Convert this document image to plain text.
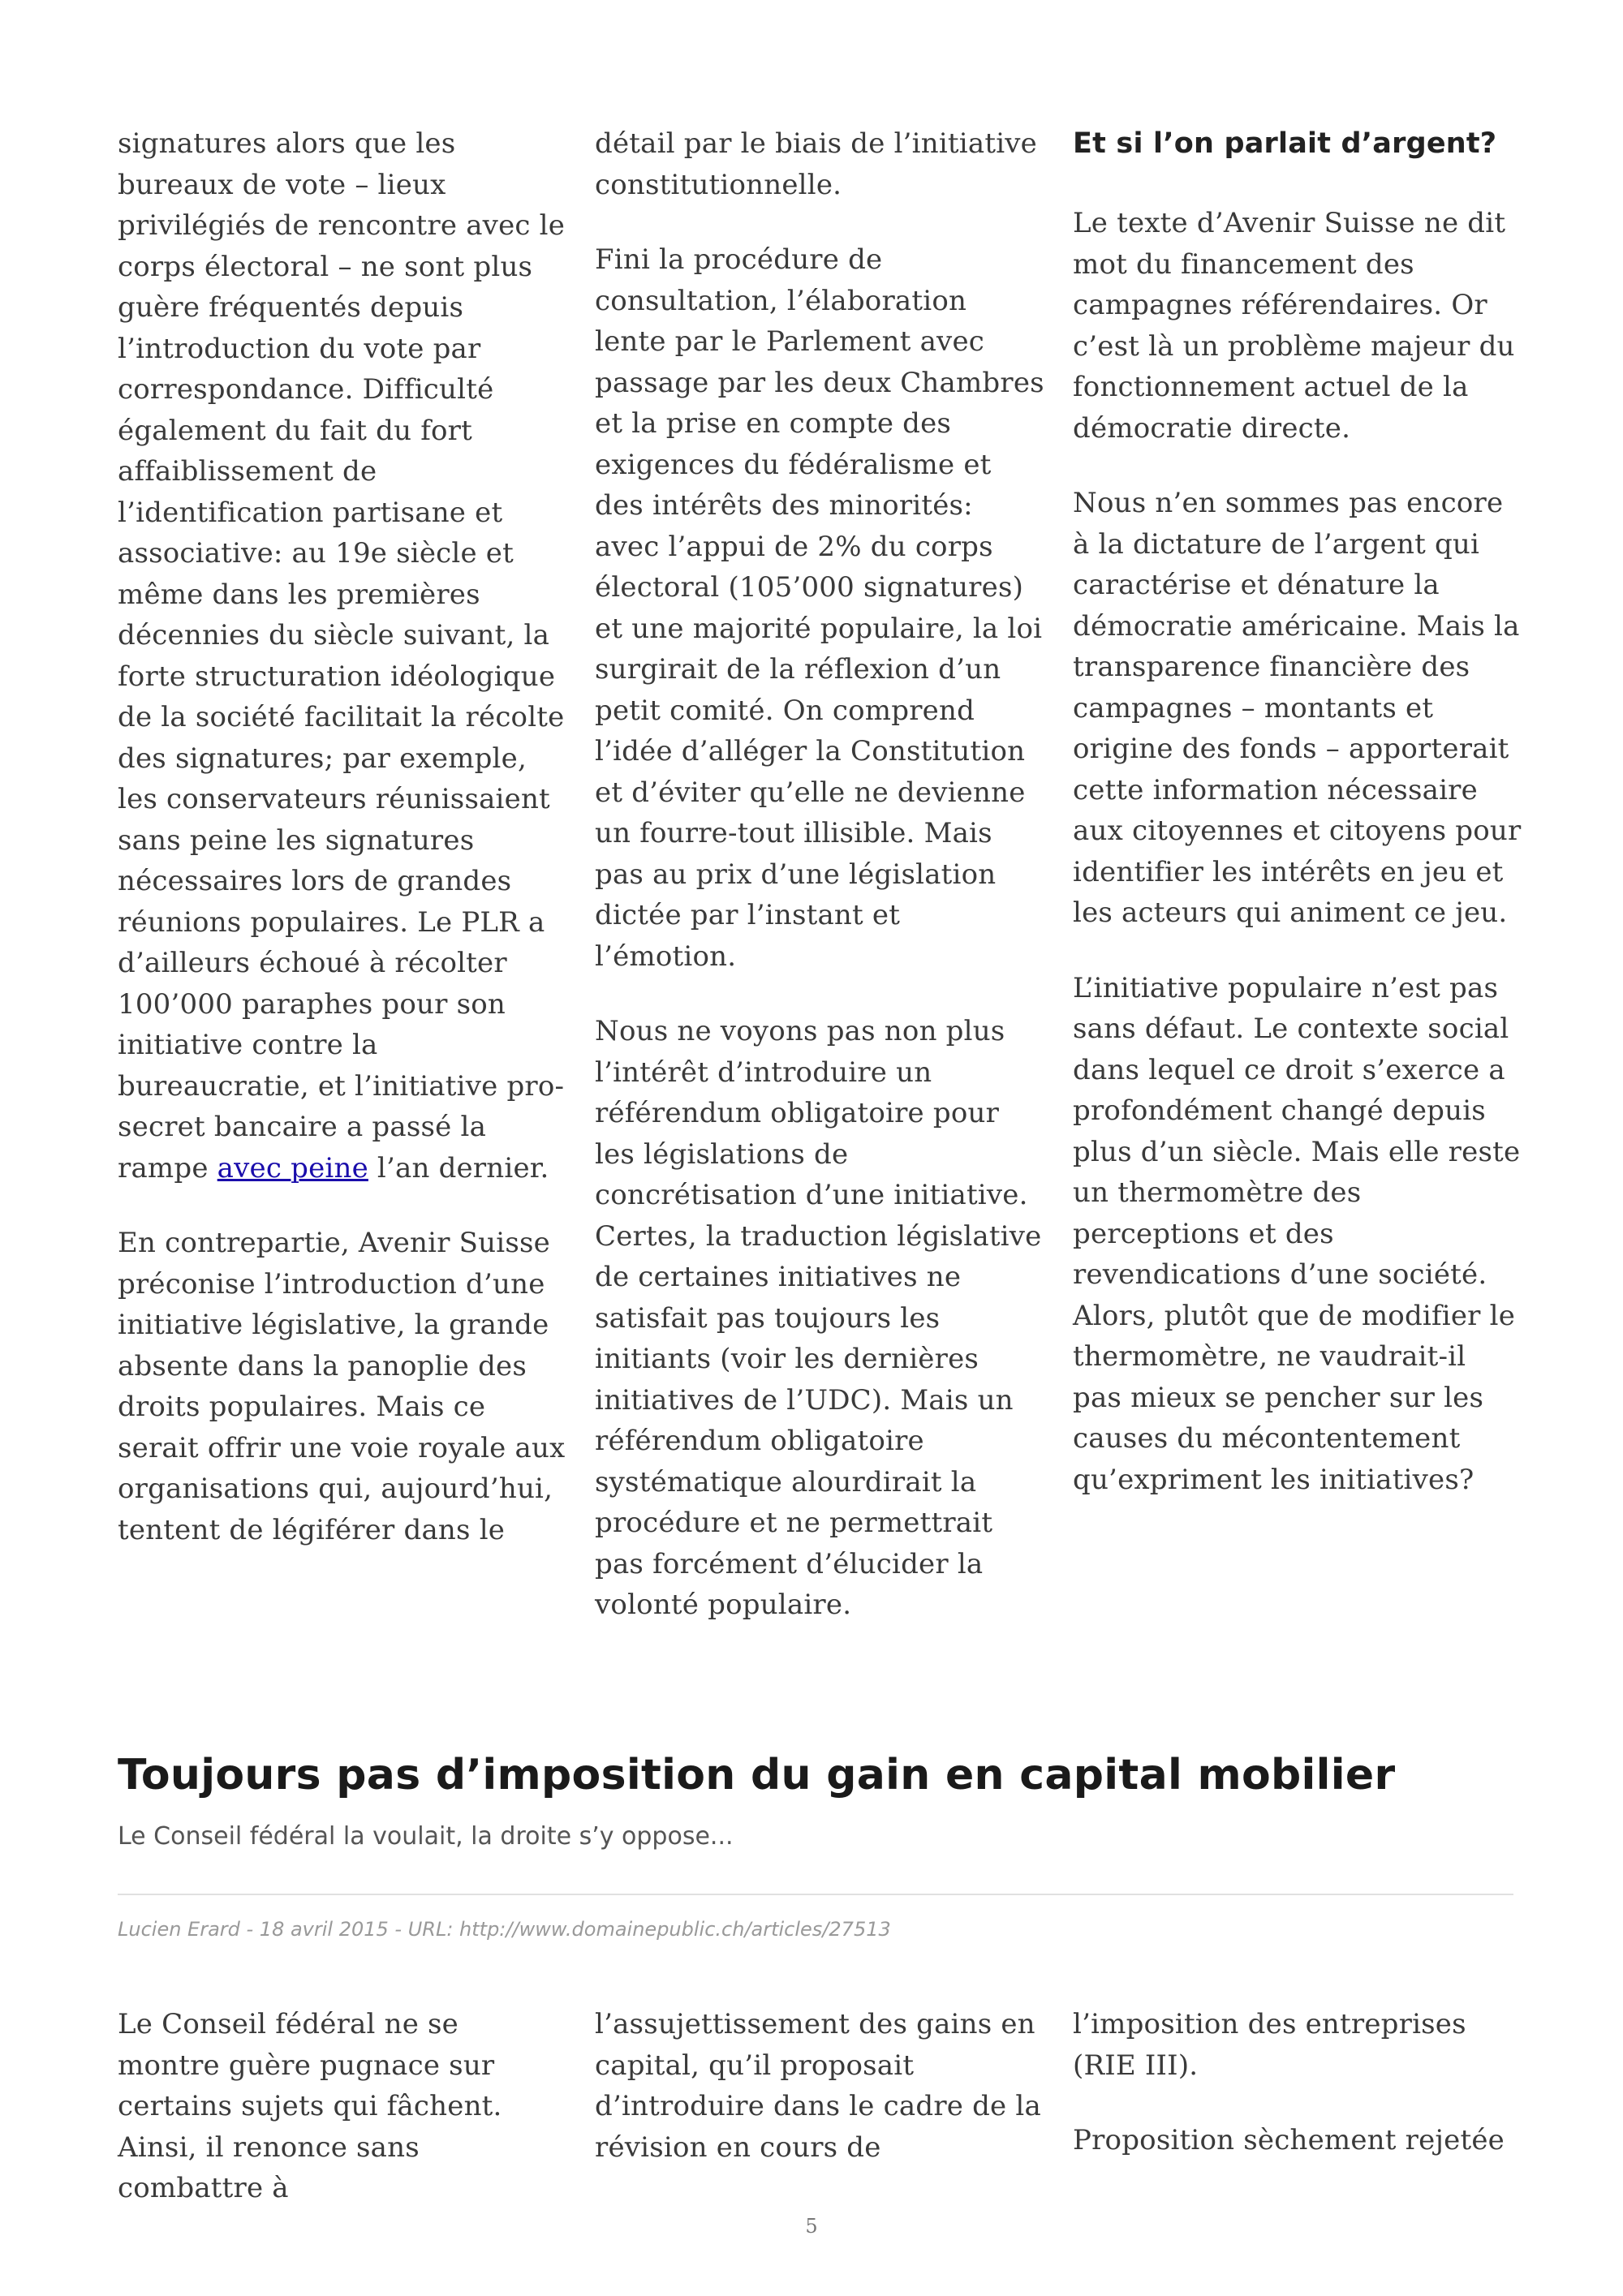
signatures alors que les bureaux de vote – lieux privilégiés de rencontre avec le corps électoral – ne sont plus guère fréquentés depuis l’introduction du vote par correspondance. Difficulté également du fait du fort affaiblissement de l’identification partisane et associative: au 19e siècle et même dans les premières décennies du siècle suivant, la forte structuration idéologique de la société facilitait la récolte des signatures; par exemple, les conservateurs réunissaient sans peine les signatures nécessaires lors de grandes réunions populaires. Le PLR a d’ailleurs échoué à récolter 100’000 paraphes pour son initiative contre la bureaucratie, et l’initiative pro-secret bancaire a passé la rampe avec peine l’an dernier.

En contrepartie, Avenir Suisse préconise l’introduction d’une initiative législative, la grande absente dans la panoplie des droits populaires. Mais ce serait offrir une voie royale aux organisations qui, aujourd’hui, tentent de légiférer dans le

détail par le biais de l’initiative constitutionnelle.

Fini la procédure de consultation, l’élaboration lente par le Parlement avec passage par les deux Chambres et la prise en compte des exigences du fédéralisme et des intérêts des minorités: avec l’appui de 2% du corps électoral (105’000 signatures) et une majorité populaire, la loi surgirait de la réflexion d’un petit comité. On comprend l’idée d’alléger la Constitution et d’éviter qu’elle ne devienne un fourre-tout illisible. Mais pas au prix d’une législation dictée par l’instant et l’émotion.

Nous ne voyons pas non plus l’intérêt d’introduire un référendum obligatoire pour les législations de concrétisation d’une initiative. Certes, la traduction législative de certaines initiatives ne satisfait pas toujours les initiants (voir les dernières initiatives de l’UDC). Mais un référendum obligatoire systématique alourdirait la procédure et ne permettrait pas forcément d’élucider la volonté populaire.

Et si l’on parlait d’argent?

Le texte d’Avenir Suisse ne dit mot du financement des campagnes référendaires. Or c’est là un problème majeur du fonctionnement actuel de la démocratie directe.

Nous n’en sommes pas encore à la dictature de l’argent qui caractérise et dénature la démocratie américaine. Mais la transparence financière des campagnes – montants et origine des fonds – apporterait cette information nécessaire aux citoyennes et citoyens pour identifier les intérêts en jeu et les acteurs qui animent ce jeu.

L’initiative populaire n’est pas sans défaut. Le contexte social dans lequel ce droit s’exerce a profondément changé depuis plus d’un siècle. Mais elle reste un thermomètre des perceptions et des revendications d’une société. Alors, plutôt que de modifier le thermomètre, ne vaudrait-il pas mieux se pencher sur les causes du mécontentement qu’expriment les initiatives?

Toujours pas d’imposition du gain en capital mobilier

Le Conseil fédéral la voulait, la droite s’y oppose...

Lucien Erard - 18 avril 2015 - URL: http://www.domainepublic.ch/articles/27513

Le Conseil fédéral ne se montre guère pugnace sur certains sujets qui fâchent. Ainsi, il renonce sans combattre à

l’assujettissement des gains en capital, qu’il proposait d’introduire dans le cadre de la révision en cours de

l’imposition des entreprises (RIE III).

Proposition sèchement rejetée

5
